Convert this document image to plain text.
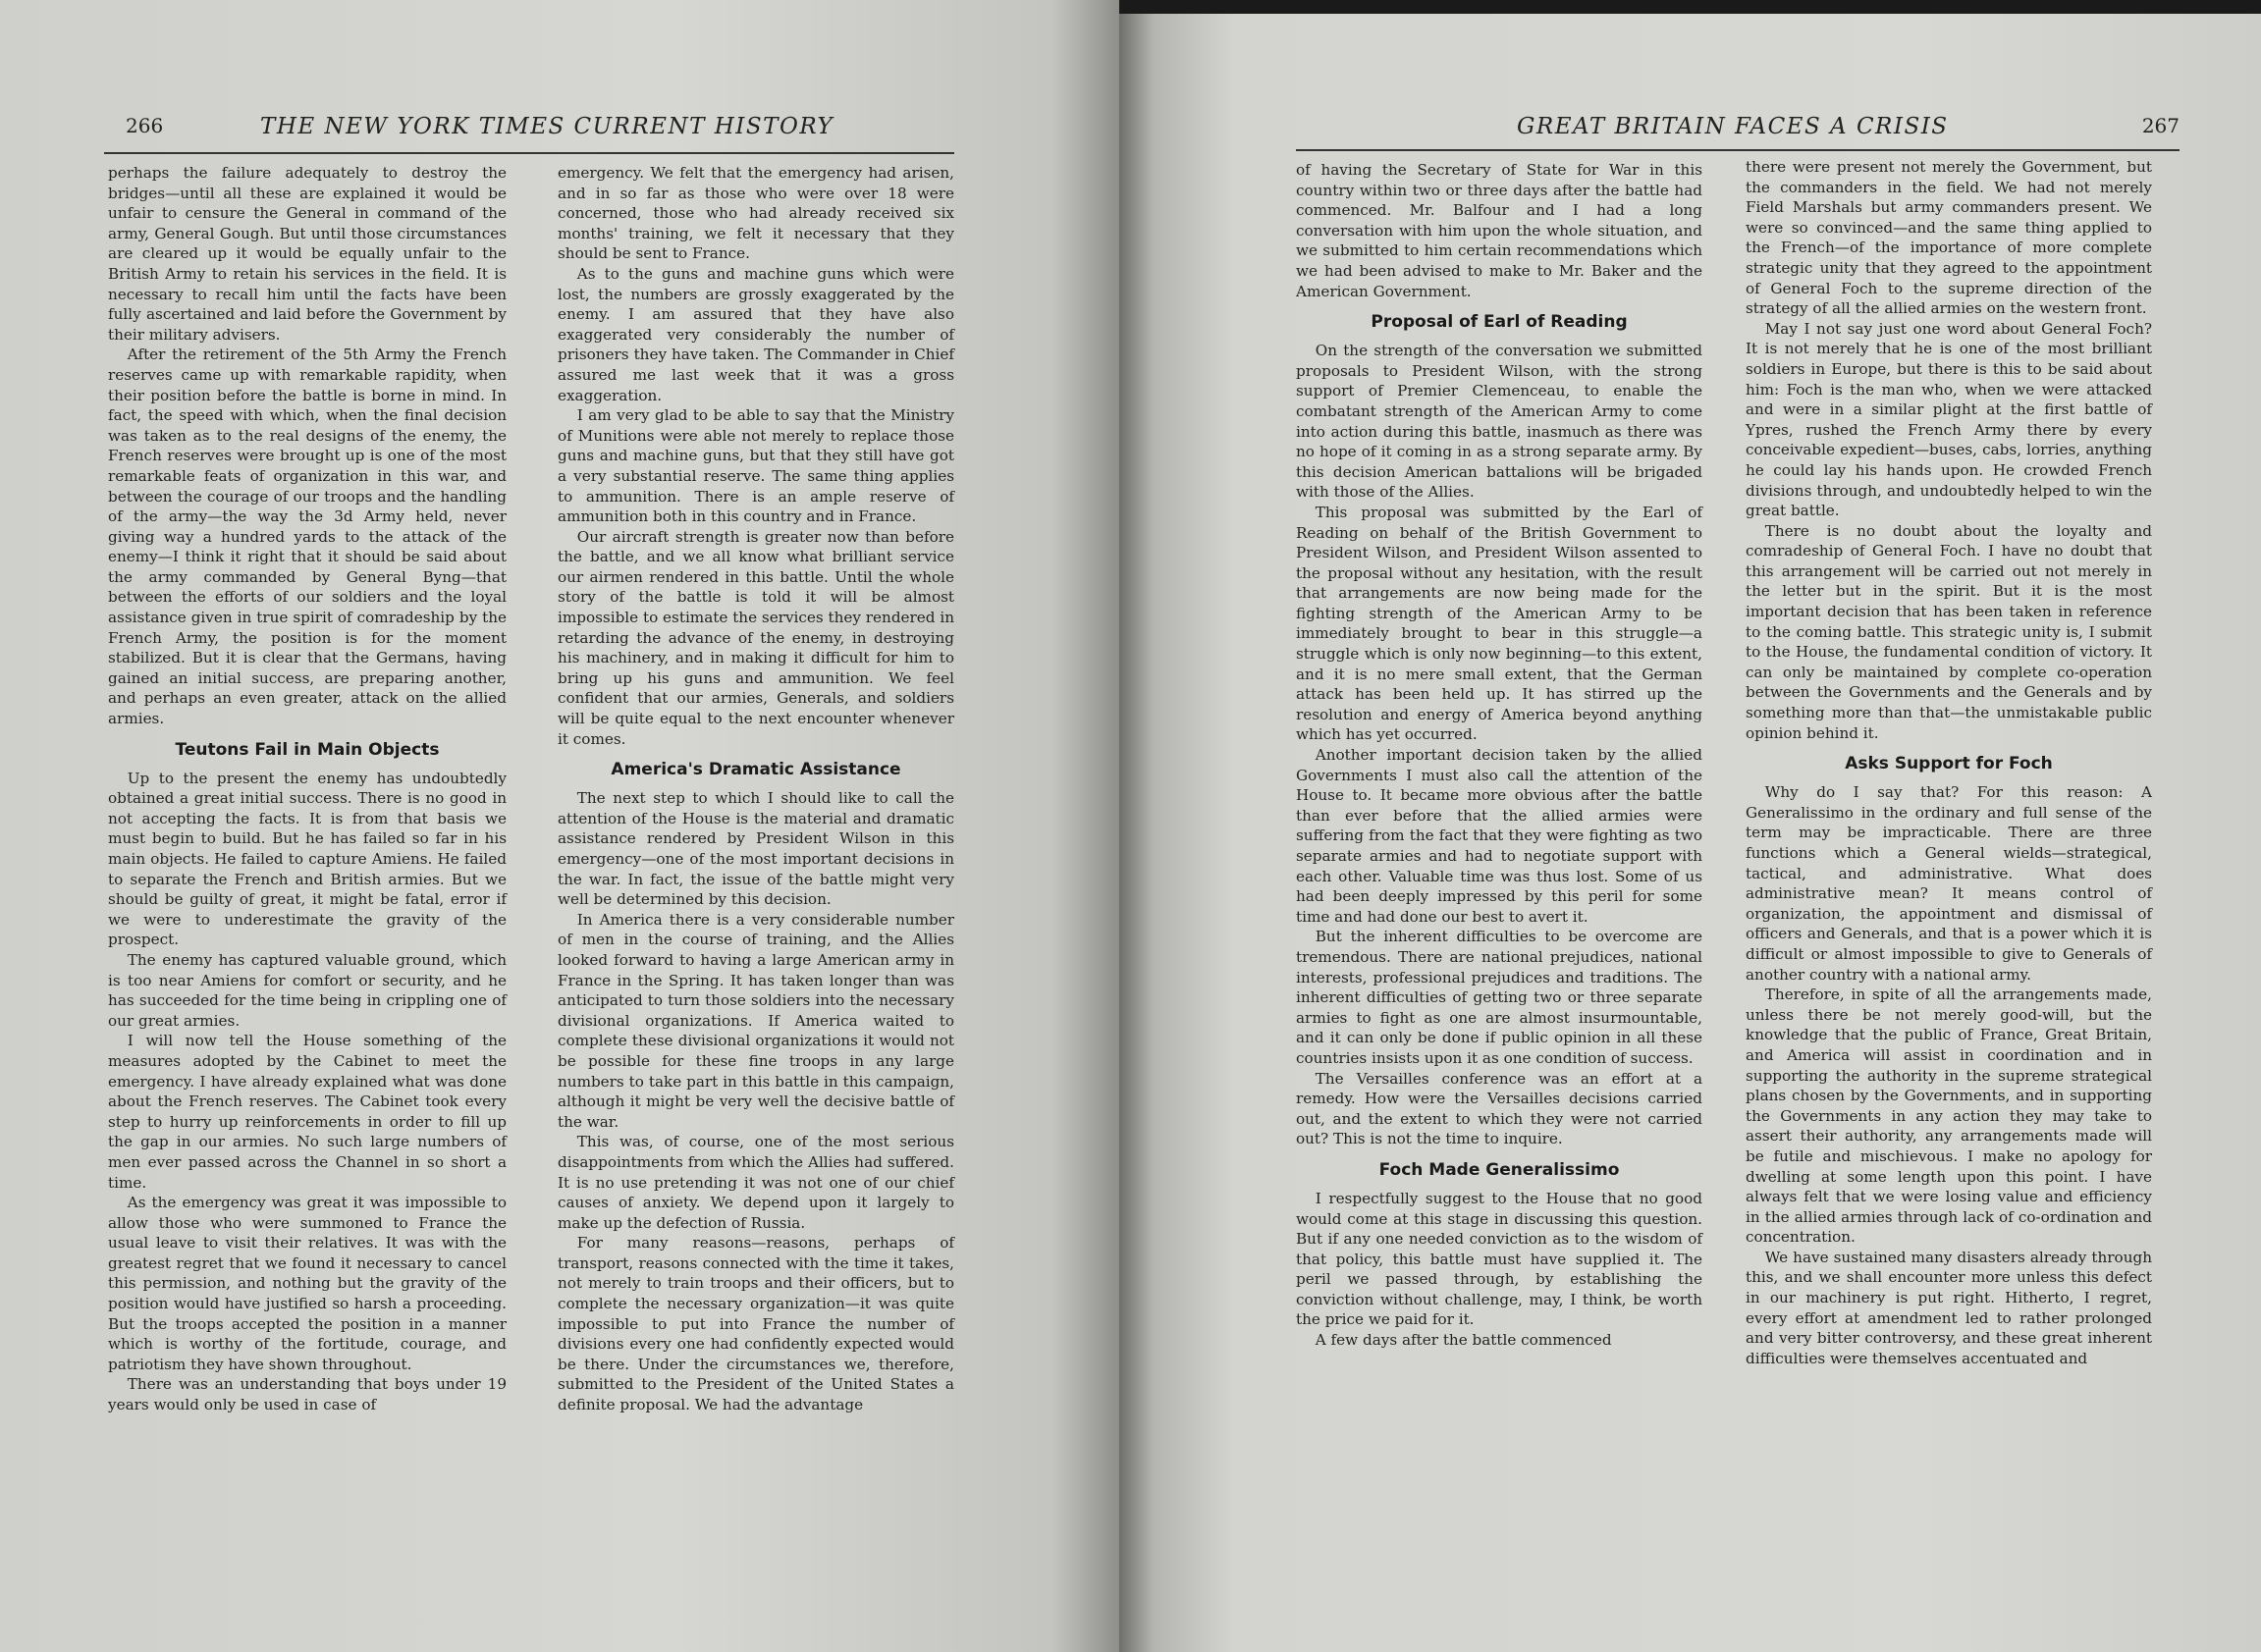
266	THE NEW YORK TIMES CURRENT HISTORY

perhaps the failure adequately to destroy the bridges—until all these are explained it would be unfair to censure the General in command of the army, General Gough. But until those circumstances are cleared up it would be equally unfair to the British Army to retain his services in the field. It is necessary to recall him until the facts have been fully ascertained and laid before the Government by their military advisers.

After the retirement of the 5th Army the French reserves came up with remarkable rapidity, when their position before the battle is borne in mind. In fact, the speed with which, when the final decision was taken as to the real designs of the enemy, the French reserves were brought up is one of the most remarkable feats of organization in this war, and between the courage of our troops and the handling of the army—the way the 3d Army held, never giving way a hundred yards to the attack of the enemy—I think it right that it should be said about the army commanded by General Byng—that between the efforts of our soldiers and the loyal assistance given in true spirit of comradeship by the French Army, the position is for the moment stabilized. But it is clear that the Germans, having gained an initial success, are preparing another, and perhaps an even greater, attack on the allied armies.

Teutons Fail in Main Objects

Up to the present the enemy has undoubtedly obtained a great initial success. There is no good in not accepting the facts. It is from that basis we must begin to build. But he has failed so far in his main objects. He failed to capture Amiens. He failed to separate the French and British armies. But we should be guilty of great, it might be fatal, error if we were to underestimate the gravity of the prospect.

The enemy has captured valuable ground, which is too near Amiens for comfort or security, and he has succeeded for the time being in crippling one of our great armies.

I will now tell the House something of the measures adopted by the Cabinet to meet the emergency. I have already explained what was done about the French reserves. The Cabinet took every step to hurry up reinforcements in order to fill up the gap in our armies. No such large numbers of men ever passed across the Channel in so short a time.

As the emergency was great it was impossible to allow those who were summoned to France the usual leave to visit their relatives. It was with the greatest regret that we found it necessary to cancel this permission, and nothing but the gravity of the position would have justified so harsh a proceeding. But the troops accepted the position in a manner which is worthy of the fortitude, courage, and patriotism they have shown throughout.

There was an understanding that boys under 19 years would only be used in case of

emergency. We felt that the emergency had arisen, and in so far as those who were over 18 were concerned, those who had already received six months' training, we felt it necessary that they should be sent to France.

As to the guns and machine guns which were lost, the numbers are grossly exaggerated by the enemy. I am assured that they have also exaggerated very considerably the number of prisoners they have taken. The Commander in Chief assured me last week that it was a gross exaggeration.

I am very glad to be able to say that the Ministry of Munitions were able not merely to replace those guns and machine guns, but that they still have got a very substantial reserve. The same thing applies to ammunition. There is an ample reserve of ammunition both in this country and in France.

Our aircraft strength is greater now than before the battle, and we all know what brilliant service our airmen rendered in this battle. Until the whole story of the battle is told it will be almost impossible to estimate the services they rendered in retarding the advance of the enemy, in destroying his machinery, and in making it difficult for him to bring up his guns and ammunition. We feel confident that our armies, Generals, and soldiers will be quite equal to the next encounter whenever it comes.

America's Dramatic Assistance

The next step to which I should like to call the attention of the House is the material and dramatic assistance rendered by President Wilson in this emergency—one of the most important decisions in the war. In fact, the issue of the battle might very well be determined by this decision.

In America there is a very considerable number of men in the course of training, and the Allies looked forward to having a large American army in France in the Spring. It has taken longer than was anticipated to turn those soldiers into the necessary divisional organizations. If America waited to complete these divisional organizations it would not be possible for these fine troops in any large numbers to take part in this battle in this campaign, although it might be very well the decisive battle of the war.

This was, of course, one of the most serious disappointments from which the Allies had suffered. It is no use pretending it was not one of our chief causes of anxiety. We depend upon it largely to make up the defection of Russia.

For many reasons—reasons, perhaps of transport, reasons connected with the time it takes, not merely to train troops and their officers, but to complete the necessary organization—it was quite impossible to put into France the number of divisions every one had confidently expected would be there. Under the circumstances we, therefore, submitted to the President of the United States a definite proposal. We had the advantage

GREAT BRITAIN FACES A CRISIS	267

of having the Secretary of State for War in this country within two or three days after the battle had commenced. Mr. Balfour and I had a long conversation with him upon the whole situation, and we submitted to him certain recommendations which we had been advised to make to Mr. Baker and the American Government.

Proposal of Earl of Reading

On the strength of the conversation we submitted proposals to President Wilson, with the strong support of Premier Clemenceau, to enable the combatant strength of the American Army to come into action during this battle, inasmuch as there was no hope of it coming in as a strong separate army. By this decision American battalions will be brigaded with those of the Allies.

This proposal was submitted by the Earl of Reading on behalf of the British Government to President Wilson, and President Wilson assented to the proposal without any hesitation, with the result that arrangements are now being made for the fighting strength of the American Army to be immediately brought to bear in this struggle—a struggle which is only now beginning—to this extent, and it is no mere small extent, that the German attack has been held up. It has stirred up the resolution and energy of America beyond anything which has yet occurred.

Another important decision taken by the allied Governments I must also call the attention of the House to. It became more obvious after the battle than ever before that the allied armies were suffering from the fact that they were fighting as two separate armies and had to negotiate support with each other. Valuable time was thus lost. Some of us had been deeply impressed by this peril for some time and had done our best to avert it.

But the inherent difficulties to be overcome are tremendous. There are national prejudices, national interests, professional prejudices and traditions. The inherent difficulties of getting two or three separate armies to fight as one are almost insurmountable, and it can only be done if public opinion in all these countries insists upon it as one condition of success.

The Versailles conference was an effort at a remedy. How were the Versailles decisions carried out, and the extent to which they were not carried out? This is not the time to inquire.

Foch Made Generalissimo

I respectfully suggest to the House that no good would come at this stage in discussing this question. But if any one needed conviction as to the wisdom of that policy, this battle must have supplied it. The peril we passed through, by establishing the conviction without challenge, may, I think, be worth the price we paid for it.

A few days after the battle commenced

there were present not merely the Government, but the commanders in the field. We had not merely Field Marshals but army commanders present. We were so convinced—and the same thing applied to the French—of the importance of more complete strategic unity that they agreed to the appointment of General Foch to the supreme direction of the strategy of all the allied armies on the western front.

May I not say just one word about General Foch? It is not merely that he is one of the most brilliant soldiers in Europe, but there is this to be said about him: Foch is the man who, when we were attacked and were in a similar plight at the first battle of Ypres, rushed the French Army there by every conceivable expedient—buses, cabs, lorries, anything he could lay his hands upon. He crowded French divisions through, and undoubtedly helped to win the great battle.

There is no doubt about the loyalty and comradeship of General Foch. I have no doubt that this arrangement will be carried out not merely in the letter but in the spirit. But it is the most important decision that has been taken in reference to the coming battle. This strategic unity is, I submit to the House, the fundamental condition of victory. It can only be maintained by complete co-operation between the Governments and the Generals and by something more than that—the unmistakable public opinion behind it.

Asks Support for Foch

Why do I say that? For this reason: A Generalissimo in the ordinary and full sense of the term may be impracticable. There are three functions which a General wields—strategical, tactical, and administrative. What does administrative mean? It means control of organization, the appointment and dismissal of officers and Generals, and that is a power which it is difficult or almost impossible to give to Generals of another country with a national army.

Therefore, in spite of all the arrangements made, unless there be not merely good-will, but the knowledge that the public of France, Great Britain, and America will assist in coordination and in supporting the authority in the supreme strategical plans chosen by the Governments, and in supporting the Governments in any action they may take to assert their authority, any arrangements made will be futile and mischievous. I make no apology for dwelling at some length upon this point. I have always felt that we were losing value and efficiency in the allied armies through lack of co-ordination and concentration.

We have sustained many disasters already through this, and we shall encounter more unless this defect in our machinery is put right. Hitherto, I regret, every effort at amendment led to rather prolonged and very bitter controversy, and these great inherent difficulties were themselves accentuated and
